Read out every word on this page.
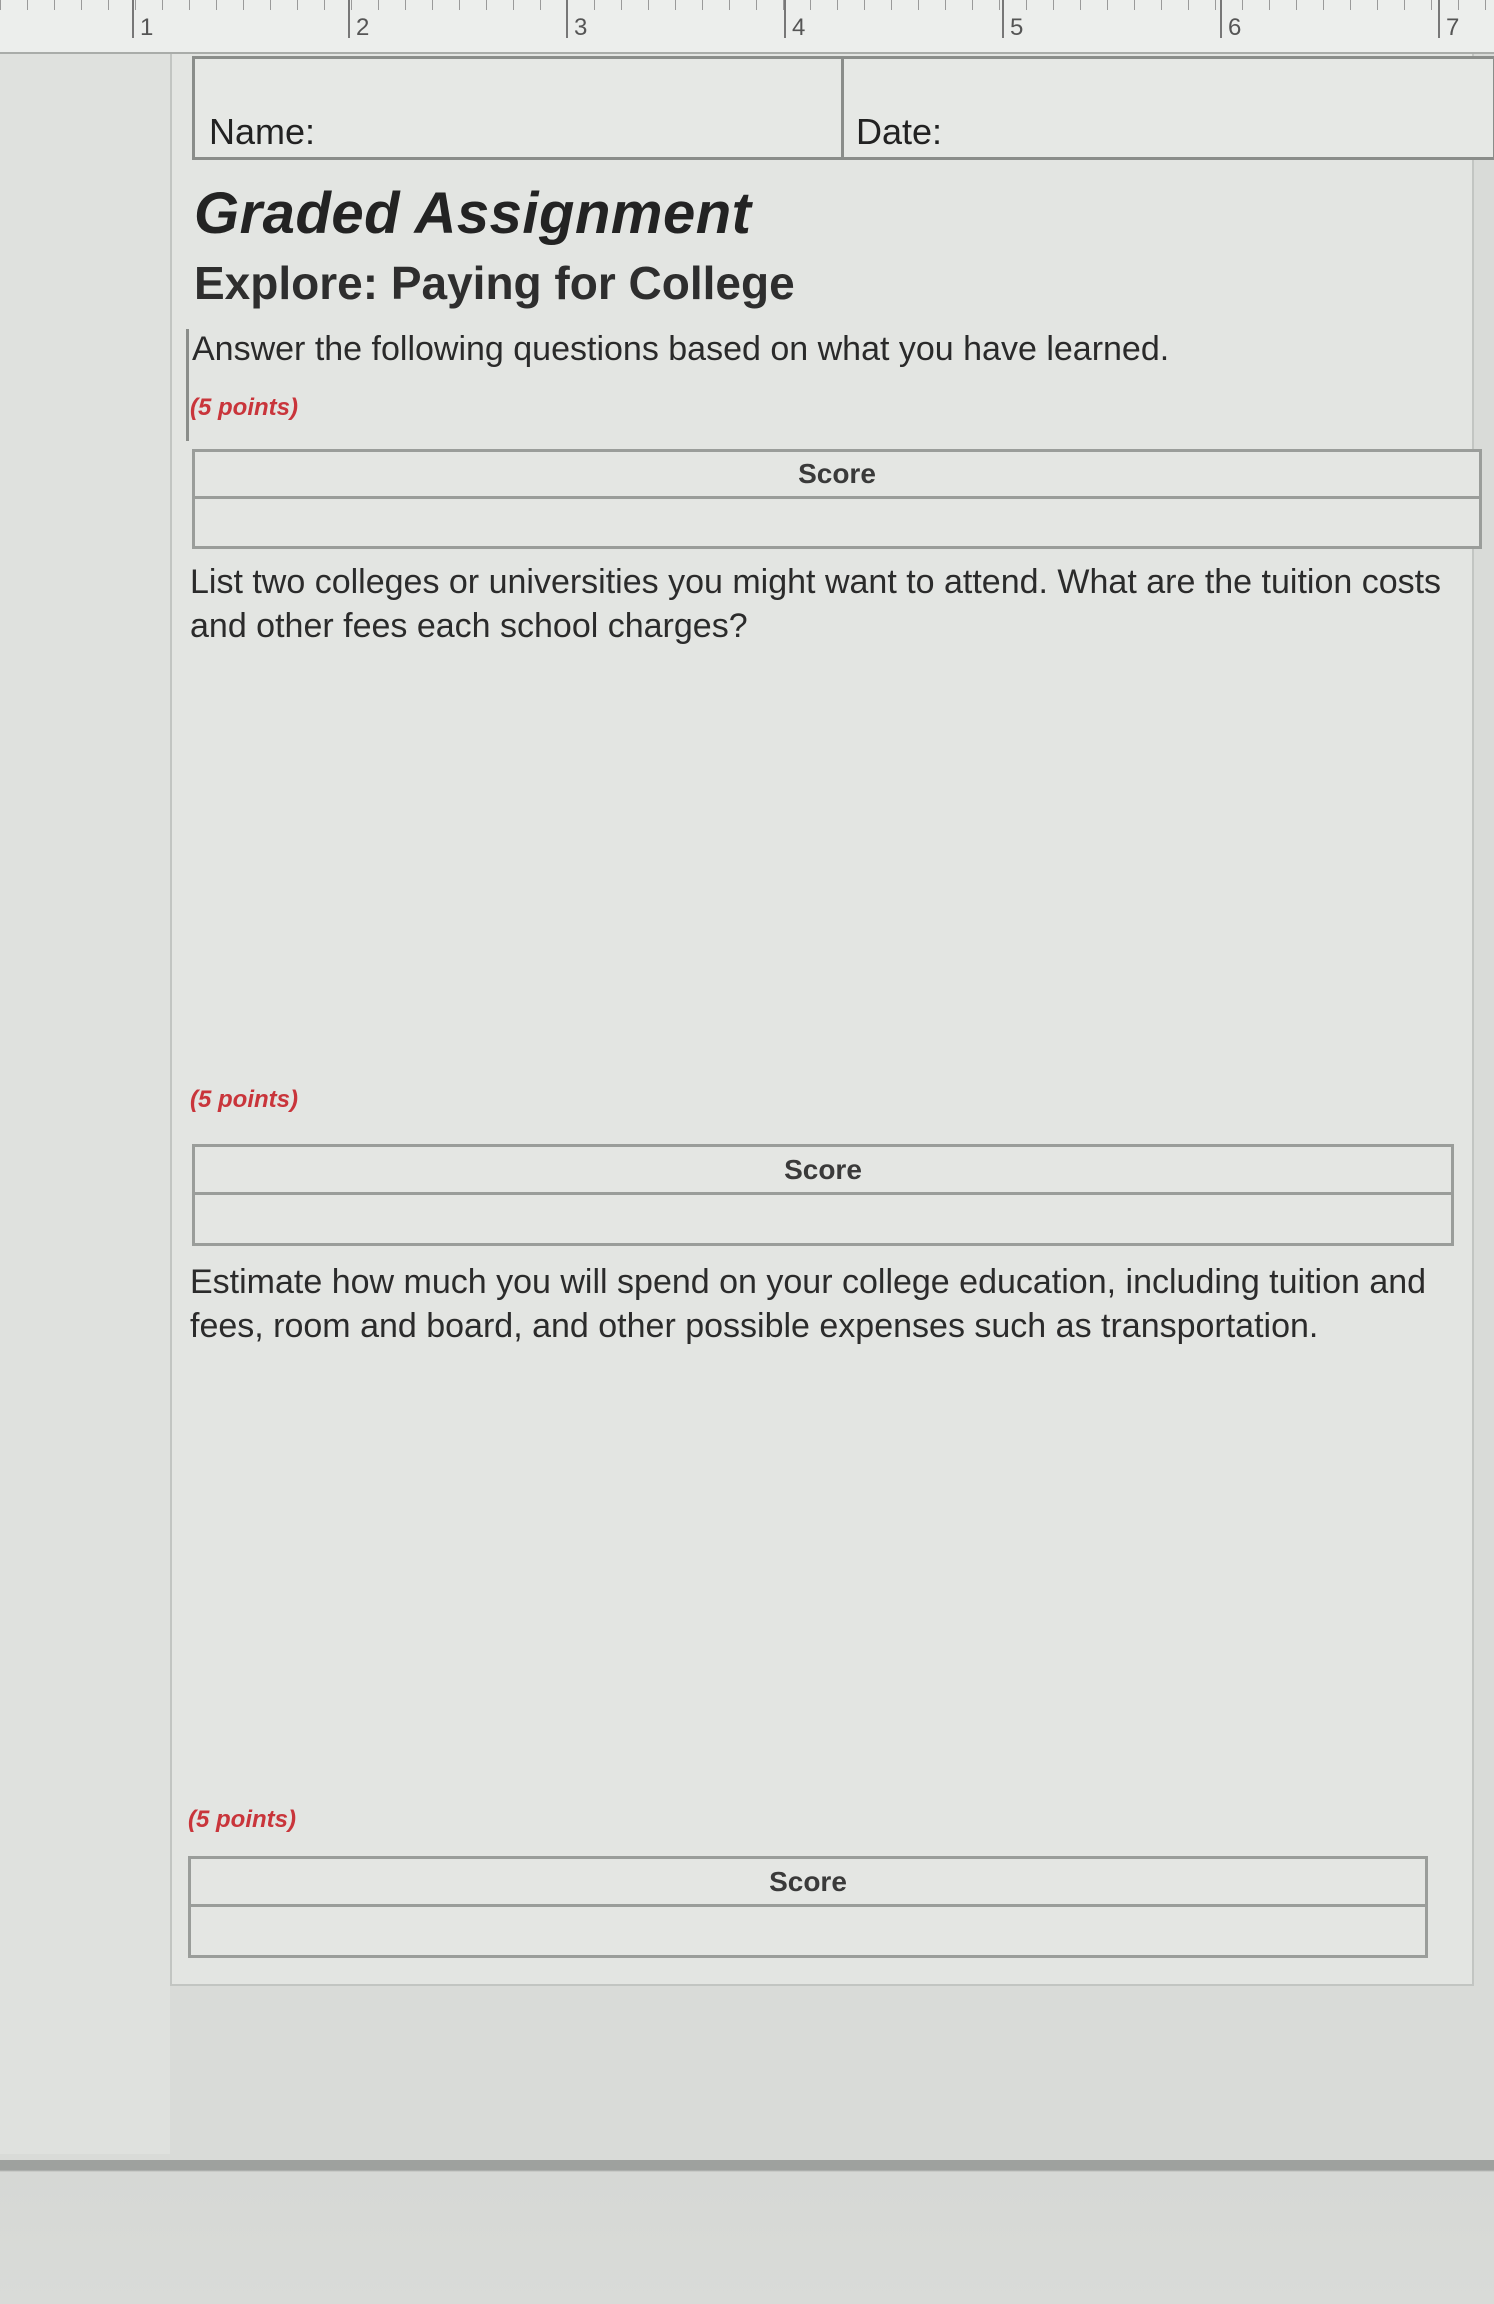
1	2	3	4	5	6	7
Name:	Date:
Graded Assignment
Explore: Paying for College
Answer the following questions based on what you have learned.
(5 points)
Score
List two colleges or universities you might want to attend. What are the tuition costs and other fees each school charges?
(5 points)
Score
Estimate how much you will spend on your college education, including tuition and fees, room and board, and other possible expenses such as transportation.
(5 points)
Score
